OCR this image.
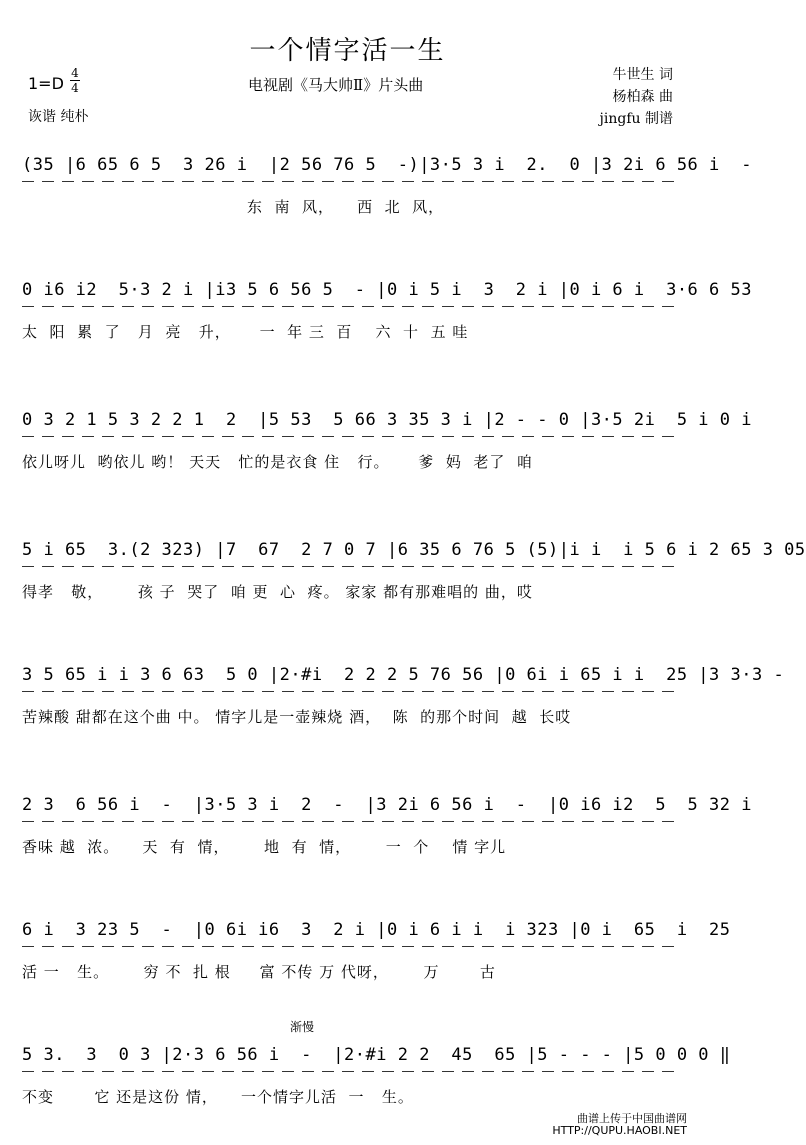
一个情字活一生
电视剧《马大帅Ⅱ》片头曲
1=D
4
4
诙谐 纯朴
牛世生 词
杨柏森 曲
jingfu 制谱
(35 |6 65 6 5  3 26 i  |2 56 76 5  -)|3·5 3 i  2.  0 |3 2i 6 56 i  -
东  南  风，    西  北  风，
0 i6 i2  5·3 2 i |i3 5 6 56 5  - |0 i 5 i  3  2 i |0 i 6 i  3·6 6 53
太  阳  累  了   月  亮   升，     一  年 三  百    六  十  五 哇
0 3 2 1 5 3 2 2 1  2  |5 53  5 66 3 35 3 i |2 - - 0 |3·5 2i  5 i 0 i
依儿呀儿  哟依儿 哟！ 天天   忙的是衣食 住   行。     爹  妈  老了  咱
5 i 65  3.(2 323) |7  67  2 7 0 7 |6 35 6 76 5 (5)|i i  i 5 6 i 2 65 3 05
得孝   敬，      孩 子  哭了  咱 更  心  疼。 家家 都有那难唱的 曲，哎
3 5 65 i i 3 6 63  5 0 |2·#i  2 2 2 5 76 56 |0 6i i 65 i i  25 |3 3·3 -
苦辣酸 甜都在这个曲 中。 情字儿是一壶辣烧 酒，  陈  的那个时间  越  长哎
2 3  6 56 i  -  |3·5 3 i  2  -  |3 2i 6 56 i  -  |0 i6 i2  5  5 32 i
香味 越  浓。    天  有  情，      地  有  情，      一  个    情 字儿
6 i  3 23 5  -  |0 6i i6  3  2 i |0 i 6 i i  i 323 |0 i  65  i  25
活 一   生。      穷 不  扎 根     富 不传 万 代呀，      万       古
渐慢
5 3.  3  0 3 |2·3 6 56 i  -  |2·#i 2 2  45  65 |5 - - - |5 0 0 0 ‖
不变       它 还是这份 情，    一个情字儿活  一   生。
曲谱上传于中国曲谱网
HTTP://QUPU.HAOBI.NET
